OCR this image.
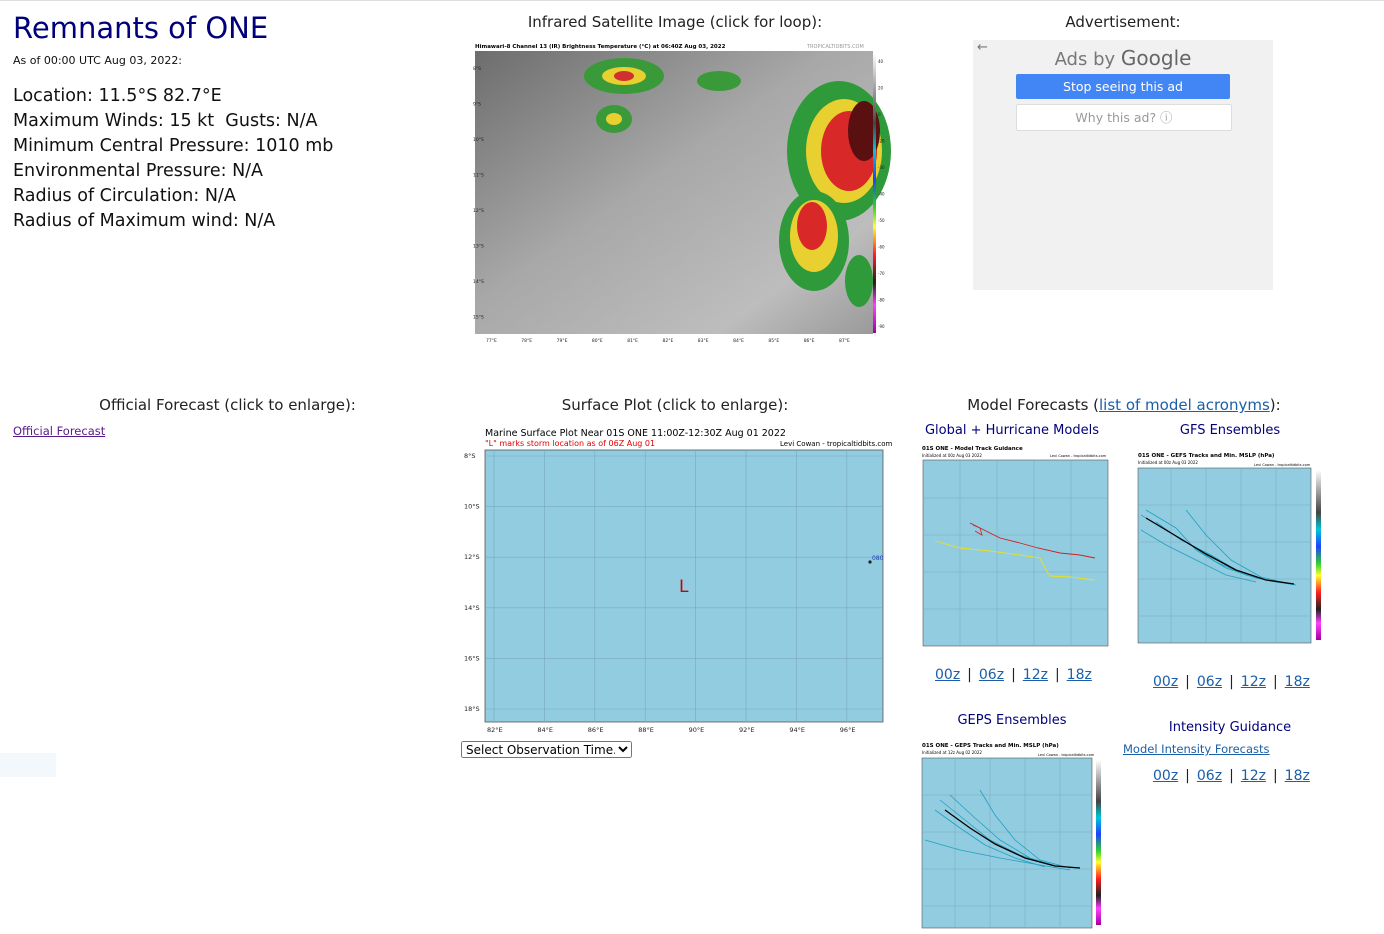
Remnants of ONE
As of 00:00 UTC Aug 03, 2022:
Location: 11.5°S 82.7°E
Maximum Winds: 15 kt  Gusts: N/A
Minimum Central Pressure: 1010 mb
Environmental Pressure: N/A
Radius of Circulation: N/A
Radius of Maximum wind: N/A
Infrared Satellite Image (click for loop):
Himawari-8 Channel 13 (IR) Brightness Temperature (°C) at 06:40Z Aug 03, 2022	TROPICALTIDBITS.COM
8°S
9°S
10°S
11°S
12°S
13°S
14°S
15°S
77°E	78°E	79°E	80°E	81°E	82°E	83°E	84°E	85°E	86°E	87°E
40
20
0
-20
-30
-40
-50
-60
-70
-80
-90
Advertisement:
←
Ads by Google
Stop seeing this ad
Why this ad? ⓘ
Official Forecast (click to enlarge):
Official Forecast
Surface Plot (click to enlarge):
Marine Surface Plot Near 01S ONE 11:00Z-12:30Z Aug 01 2022
"L" marks storm location as of 06Z Aug 01	Levi Cowan - tropicaltidbits.com
8°S
10°S
12°S
14°S
16°S
18°S
82°E	84°E	86°E	88°E	90°E	92°E	94°E	96°E
L
080
Select Observation Time...
Model Forecasts (list of model acronyms):
Global + Hurricane Models
01S ONE - Model Track Guidance
Initialized at 00z Aug 03 2022	Levi Cowan - tropicaltidbits.com
00z | 06z | 12z | 18z
GFS Ensembles
01S ONE - GEFS Tracks and Min. MSLP (hPa)
Initialized at 00z Aug 03 2022	Levi Cowan - tropicaltidbits.com
00z | 06z | 12z | 18z
GEPS Ensembles
01S ONE - GEPS Tracks and Min. MSLP (hPa)
Initialized at 12z Aug 02 2022	Levi Cowan - tropicaltidbits.com
Intensity Guidance
Model Intensity Forecasts
00z | 06z | 12z | 18z
